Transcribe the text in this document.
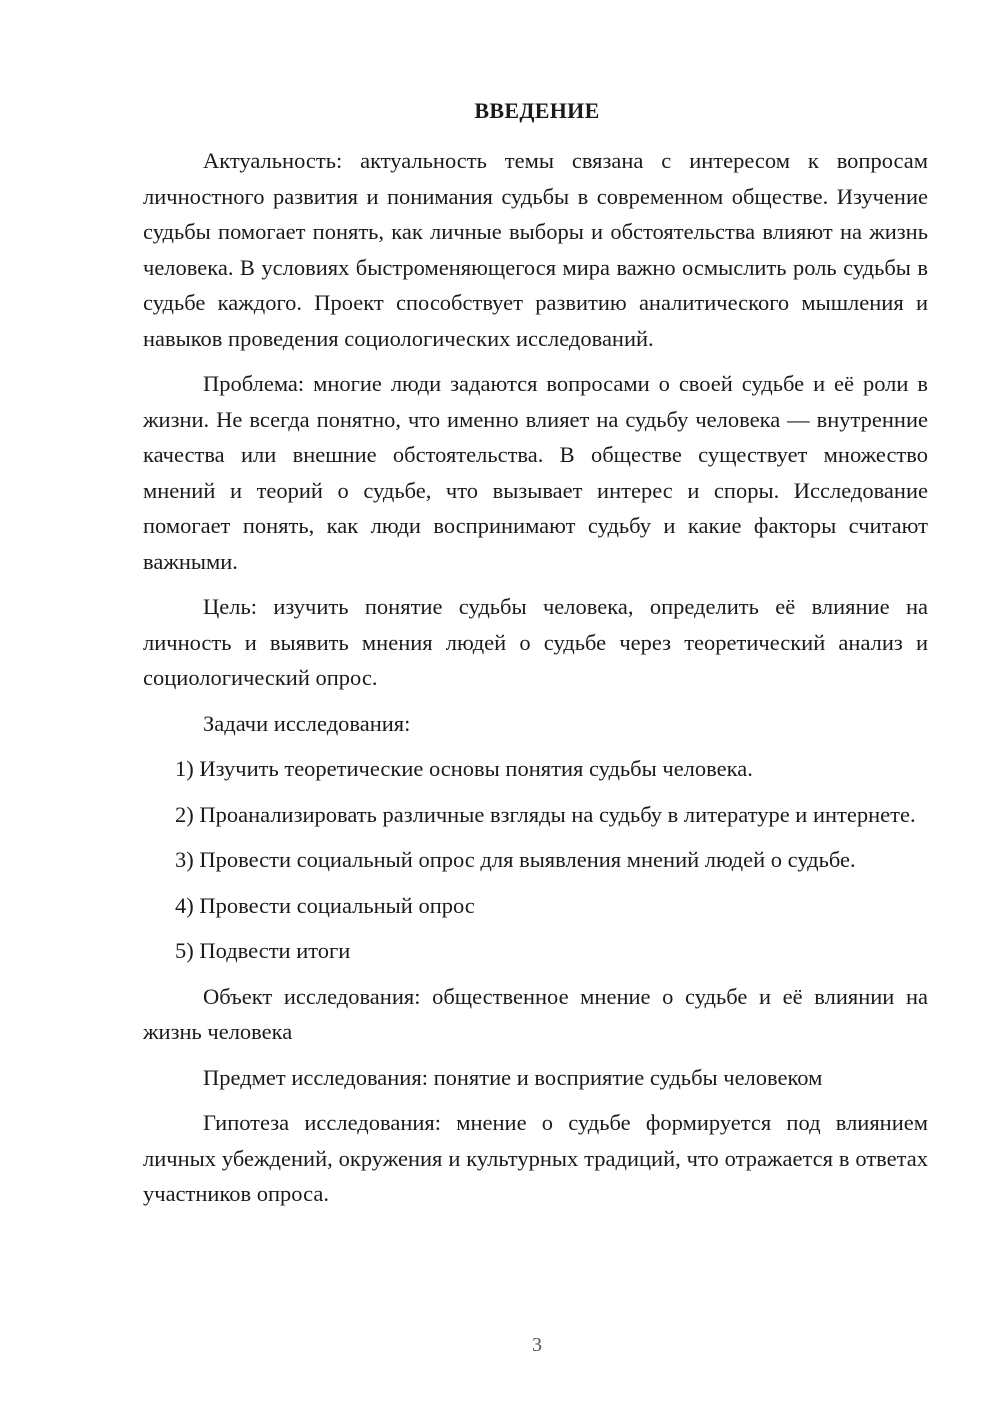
ВВЕДЕНИЕ

Актуальность: актуальность темы связана с интересом к вопросам личностного развития и понимания судьбы в современном обществе. Изучение судьбы помогает понять, как личные выборы и обстоятельства влияют на жизнь человека. В условиях быстроменяющегося мира важно осмыслить роль судьбы в судьбе каждого. Проект способствует развитию аналитического мышления и навыков проведения социологических исследований.

Проблема: многие люди задаются вопросами о своей судьбе и её роли в жизни. Не всегда понятно, что именно влияет на судьбу человека — внутренние качества или внешние обстоятельства. В обществе существует множество мнений и теорий о судьбе, что вызывает интерес и споры. Исследование помогает понять, как люди воспринимают судьбу и какие факторы считают важными.

Цель: изучить понятие судьбы человека, определить её влияние на личность и выявить мнения людей о судьбе через теоретический анализ и социологический опрос.

Задачи исследования:

1) Изучить теоретические основы понятия судьбы человека.

2) Проанализировать различные взгляды на судьбу в литературе и интернете.

3) Провести социальный опрос для выявления мнений людей о судьбе.

4) Провести социальный опрос

5) Подвести итоги

Объект исследования: общественное мнение о судьбе и её влиянии на жизнь человека

Предмет исследования: понятие и восприятие судьбы человеком

Гипотеза исследования: мнение о судьбе формируется под влиянием личных убеждений, окружения и культурных традиций, что отражается в ответах участников опроса.

3
